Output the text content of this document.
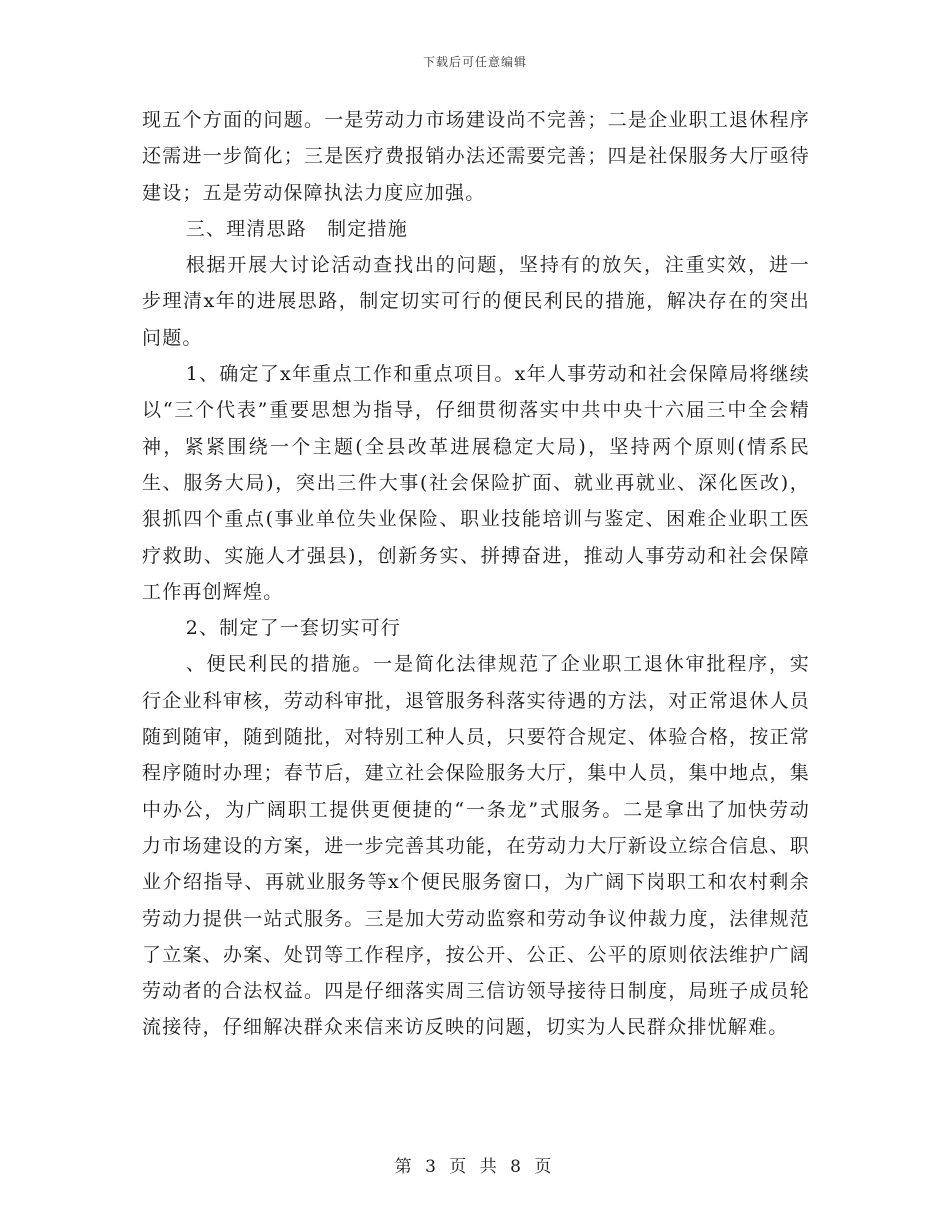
下载后可任意编辑

现五个方面的问题。一是劳动力市场建设尚不完善；二是企业职工退休程序还需进一步简化；三是医疗费报销办法还需要完善；四是社保服务大厅亟待建设；五是劳动保障执法力度应加强。

三、理清思路　制定措施

根据开展大讨论活动查找出的问题，坚持有的放矢，注重实效，进一步理清x年的进展思路，制定切实可行的便民利民的措施，解决存在的突出问题。

1、确定了x年重点工作和重点项目。x年人事劳动和社会保障局将继续以“三个代表”重要思想为指导，仔细贯彻落实中共中央十六届三中全会精神，紧紧围绕一个主题(全县改革进展稳定大局)，坚持两个原则(情系民生、服务大局)，突出三件大事(社会保险扩面、就业再就业、深化医改)，狠抓四个重点(事业单位失业保险、职业技能培训与鉴定、困难企业职工医疗救助、实施人才强县)，创新务实、拼搏奋进，推动人事劳动和社会保障工作再创辉煌。

2、制定了一套切实可行

、便民利民的措施。一是简化法律规范了企业职工退休审批程序，实行企业科审核，劳动科审批，退管服务科落实待遇的方法，对正常退休人员随到随审，随到随批，对特别工种人员，只要符合规定、体验合格，按正常程序随时办理；春节后，建立社会保险服务大厅，集中人员，集中地点，集中办公，为广阔职工提供更便捷的“一条龙”式服务。二是拿出了加快劳动力市场建设的方案，进一步完善其功能，在劳动力大厅新设立综合信息、职业介绍指导、再就业服务等x个便民服务窗口，为广阔下岗职工和农村剩余劳动力提供一站式服务。三是加大劳动监察和劳动争议仲裁力度，法律规范了立案、办案、处罚等工作程序，按公开、公正、公平的原则依法维护广阔劳动者的合法权益。四是仔细落实周三信访领导接待日制度，局班子成员轮流接待，仔细解决群众来信来访反映的问题，切实为人民群众排忧解难。

第 3 页 共 8 页
